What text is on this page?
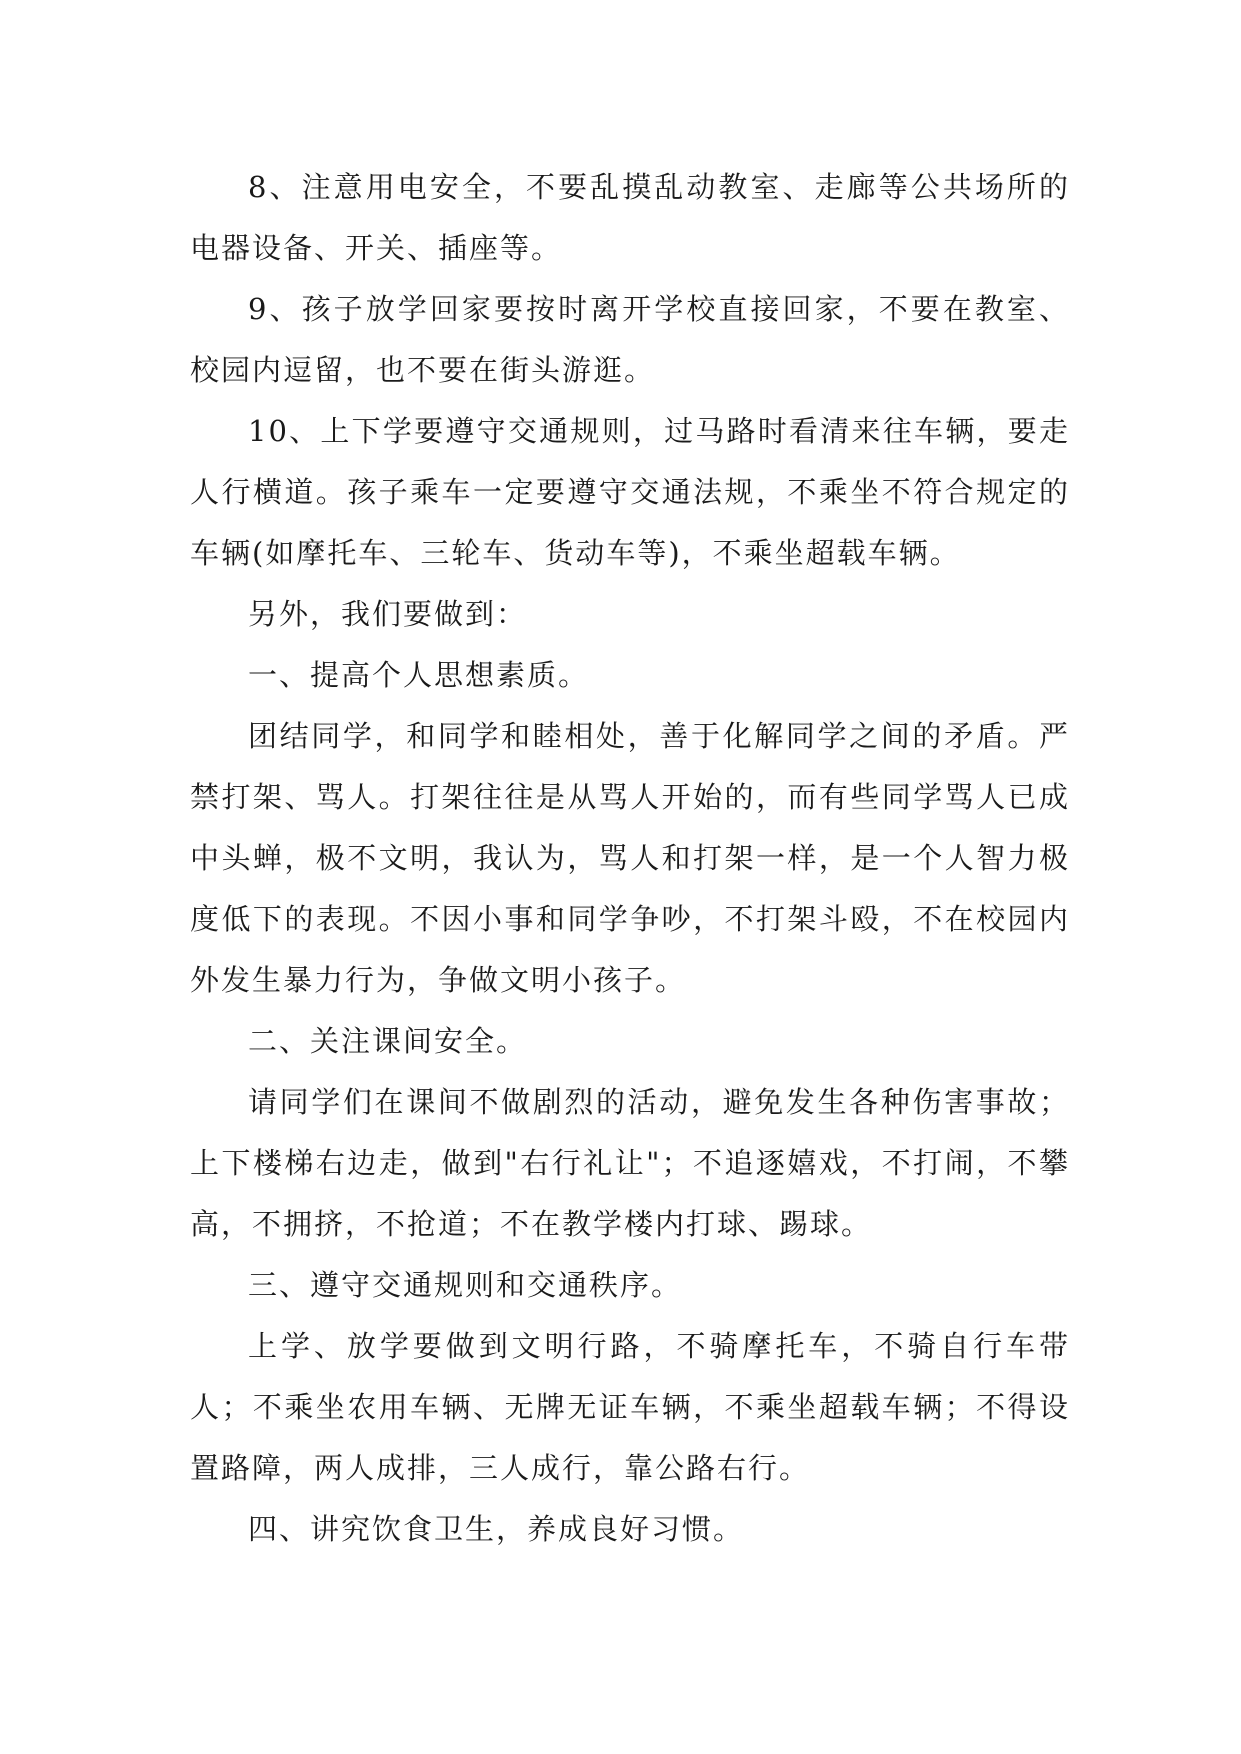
8、注意用电安全，不要乱摸乱动教室、走廊等公共场所的电器设备、开关、插座等。

9、孩子放学回家要按时离开学校直接回家，不要在教室、校园内逗留，也不要在街头游逛。

10、上下学要遵守交通规则，过马路时看清来往车辆，要走人行横道。孩子乘车一定要遵守交通法规，不乘坐不符合规定的车辆(如摩托车、三轮车、货动车等)，不乘坐超载车辆。

另外，我们要做到：

一、提高个人思想素质。

团结同学，和同学和睦相处，善于化解同学之间的矛盾。严禁打架、骂人。打架往往是从骂人开始的，而有些同学骂人已成中头蝉，极不文明，我认为，骂人和打架一样，是一个人智力极度低下的表现。不因小事和同学争吵，不打架斗殴，不在校园内外发生暴力行为，争做文明小孩子。

二、关注课间安全。

请同学们在课间不做剧烈的活动，避免发生各种伤害事故；上下楼梯右边走，做到"右行礼让"；不追逐嬉戏，不打闹，不攀高，不拥挤，不抢道；不在教学楼内打球、踢球。

三、遵守交通规则和交通秩序。

上学、放学要做到文明行路，不骑摩托车，不骑自行车带人；不乘坐农用车辆、无牌无证车辆，不乘坐超载车辆；不得设置路障，两人成排，三人成行，靠公路右行。

四、讲究饮食卫生，养成良好习惯。
